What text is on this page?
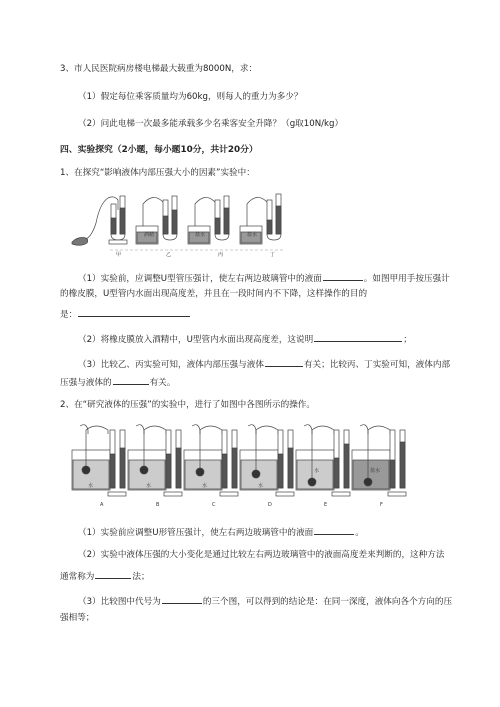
3、市人民医院病房楼电梯最大载重为8000N，求：
（1）假定每位乘客质量均为60kg，则每人的重力为多少？
（2）问此电梯一次最多能承载多少名乘客安全升降？（g取10N/kg）
四、实验探究（2小题，每小题10分，共计20分）
1、在探究“影响液体内部压强大小的因素”实验中：
酒精	盐水	盐水
甲	乙	丙	丁
（1）实验前，应调整U型管压强计，使左右两边玻璃管中的液面	。如图甲用手按压强计
的橡皮膜，U型管内水面出现高度差，并且在一段时间内不下降，这样操作的目的
是：
（2）将橡皮膜放入酒精中，U型管内水面出现高度差，这说明	；
（3）比较乙、丙实验可知，液体内部压强与液体	有关；比较丙、丁实验可知，液体内部
压强与液体的	有关。
2、在“研究液体的压强”的实验中，进行了如图中各图所示的操作。
水	水	水	水
水	盐水
A	B	C	D	E	F
（1）实验前应调整U形管压强计，使左右两边玻璃管中的液面	。
（2）实验中液体压强的大小变化是通过比较左右两边玻璃管中的液面高度差来判断的，这种方法
通常称为	法；
（3）比较图中代号为	的三个图，可以得到的结论是：在同一深度，液体向各个方向的压
强相等；
